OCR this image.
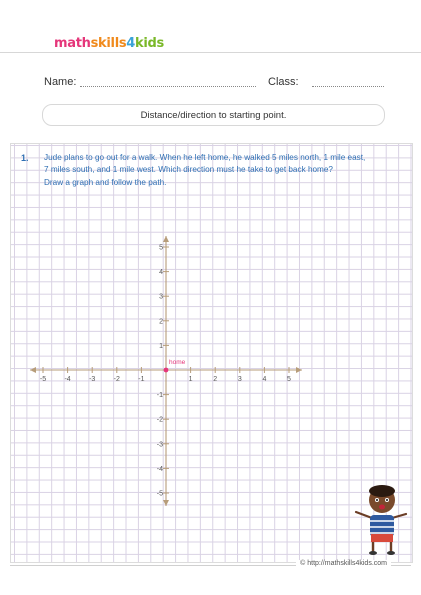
mathskills4kids
Name:	Class:
Distance/direction to starting point.
1. Jude plans to go out for a walk. When he left home, he walked 5 miles north, 1 mile east,
7 miles south, and 1 mile west. Which direction must he take to get back home?
Draw a graph and follow the path.
-5	-4	-3	-2	-1	1	2	3	4	5
5
4
3
2
1
-1
-2
-3
-4
-5
home
© http://mathskills4kids.com
